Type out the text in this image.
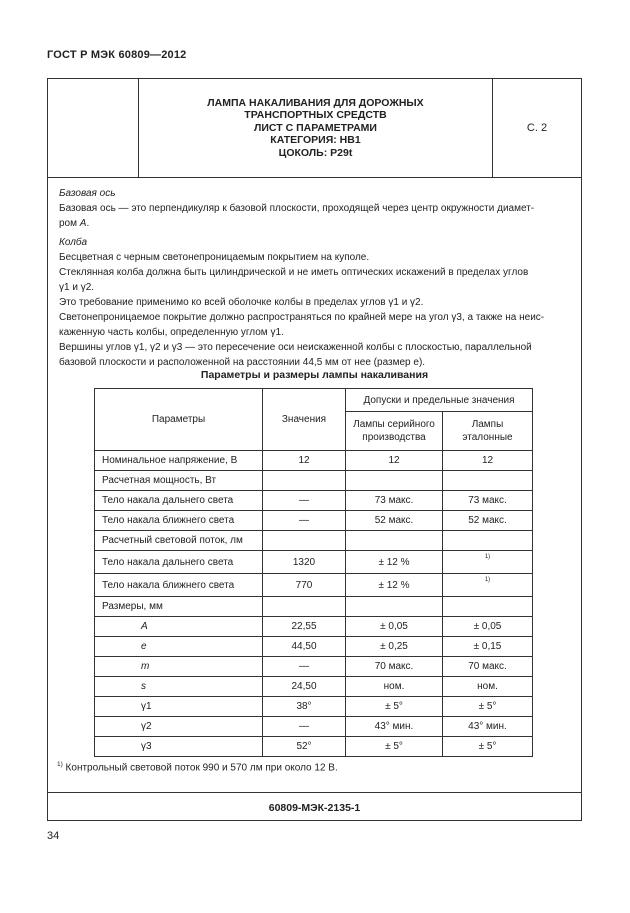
ГОСТ Р МЭК 60809—2012
ЛАМПА НАКАЛИВАНИЯ ДЛЯ ДОРОЖНЫХ
ТРАНСПОРТНЫХ СРЕДСТВ
ЛИСТ С ПАРАМЕТРАМИ
КАТЕГОРИЯ: HB1
ЦОКОЛЬ: P29t
С. 2

Базовая ось

Базовая ось — это перпендикуляр к базовой плоскости, проходящей через центр окружности диамет-
ром A.

Колба

Бесцветная с черным светонепроницаемым покрытием на куполе.

Стеклянная колба должна быть цилиндрической и не иметь оптических искажений в пределах углов

γ1 и γ2.

Это требование применимо ко всей оболочке колбы в пределах углов γ1 и γ2.

Светонепроницаемое покрытие должно распространяться по крайней мере на угол γ3, а также на неис-

каженную часть колбы, определенную углом γ1.

Вершины углов γ1, γ2 и γ3 — это пересечение оси неискаженной колбы с плоскостью, параллельной

базовой плоскости и расположенной на расстоянии 44,5 мм от нее (размер e).

Параметры и размеры лампы накаливания
Параметры	Значения	Допуски и предельные значения	
		Лампы серийного производства	Лампы эталонные
Номинальное напряжение, В	12	12	12
Расчетная мощность, Вт			
Тело накала дальнего света	—	73 макс.	73 макс.
Тело накала ближнего света	—	52 макс.	52 макс.
Расчетный световой поток, лм			
Тело накала дальнего света	1320	± 12 %	1)
Тело накала ближнего света	770	± 12 %	1)
Размеры, мм			
A	22,55	± 0,05	± 0,05
e	44,50	± 0,25	± 0,15
m	—	70 макс.	70 макс.
s	24,50	ном.	ном.
γ1	38°	± 5°	± 5°
γ2	—	43° мин.	43° мин.
γ3	52°	± 5°	± 5°
$^{1)}$ Контрольный световой поток 990 и 570 лм при около 12 В.
60809-МЭК-2135-1
34
